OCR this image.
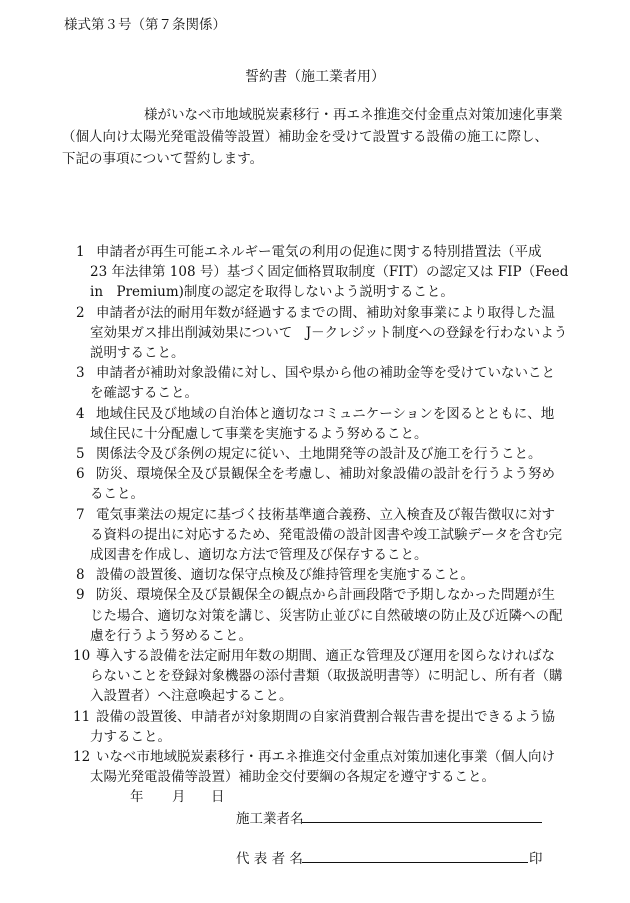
様式第３号（第７条関係）
誓約書（施工業者用）
様がいなべ市地域脱炭素移行・再エネ推進交付金重点対策加速化事業
（個人向け太陽光発電設備等設置）補助金を受けて設置する設備の施工に際し、
下記の事項について誓約します。
1 申請者が再生可能エネルギー電気の利用の促進に関する特別措置法（平成
23 年法律第 108 号）基づく固定価格買取制度（FIT）の認定又は FIP（Feed
in　Premium)制度の認定を取得しないよう説明すること。
2 申請者が法的耐用年数が経過するまでの間、補助対象事業により取得した温
室効果ガス排出削減効果について　J－クレジット制度への登録を行わないよう
説明すること。
3 申請者が補助対象設備に対し、国や県から他の補助金等を受けていないこと
を確認すること。
4 地域住民及び地域の自治体と適切なコミュニケーションを図るとともに、地
域住民に十分配慮して事業を実施するよう努めること。
5 関係法令及び条例の規定に従い、土地開発等の設計及び施工を行うこと。
6 防災、環境保全及び景観保全を考慮し、補助対象設備の設計を行うよう努め
ること。
7 電気事業法の規定に基づく技術基準適合義務、立入検査及び報告徴収に対す
る資料の提出に対応するため、発電設備の設計図書や竣工試験データを含む完
成図書を作成し、適切な方法で管理及び保存すること。
8 設備の設置後、適切な保守点検及び維持管理を実施すること。
9 防災、環境保全及び景観保全の観点から計画段階で予期しなかった問題が生
じた場合、適切な対策を講じ、災害防止並びに自然破壊の防止及び近隣への配
慮を行うよう努めること。
10 導入する設備を法定耐用年数の期間、適正な管理及び運用を図らなければな
らないことを登録対象機器の添付書類（取扱説明書等）に明記し、所有者（購
入設置者）へ注意喚起すること。
11 設備の設置後、申請者が対象期間の自家消費割合報告書を提出できるよう協
力すること。
12 いなべ市地域脱炭素移行・再エネ推進交付金重点対策加速化事業（個人向け
太陽光発電設備等設置）補助金交付要綱の各規定を遵守すること。
年 月 日
施工業者名
代 表 者 名	印
